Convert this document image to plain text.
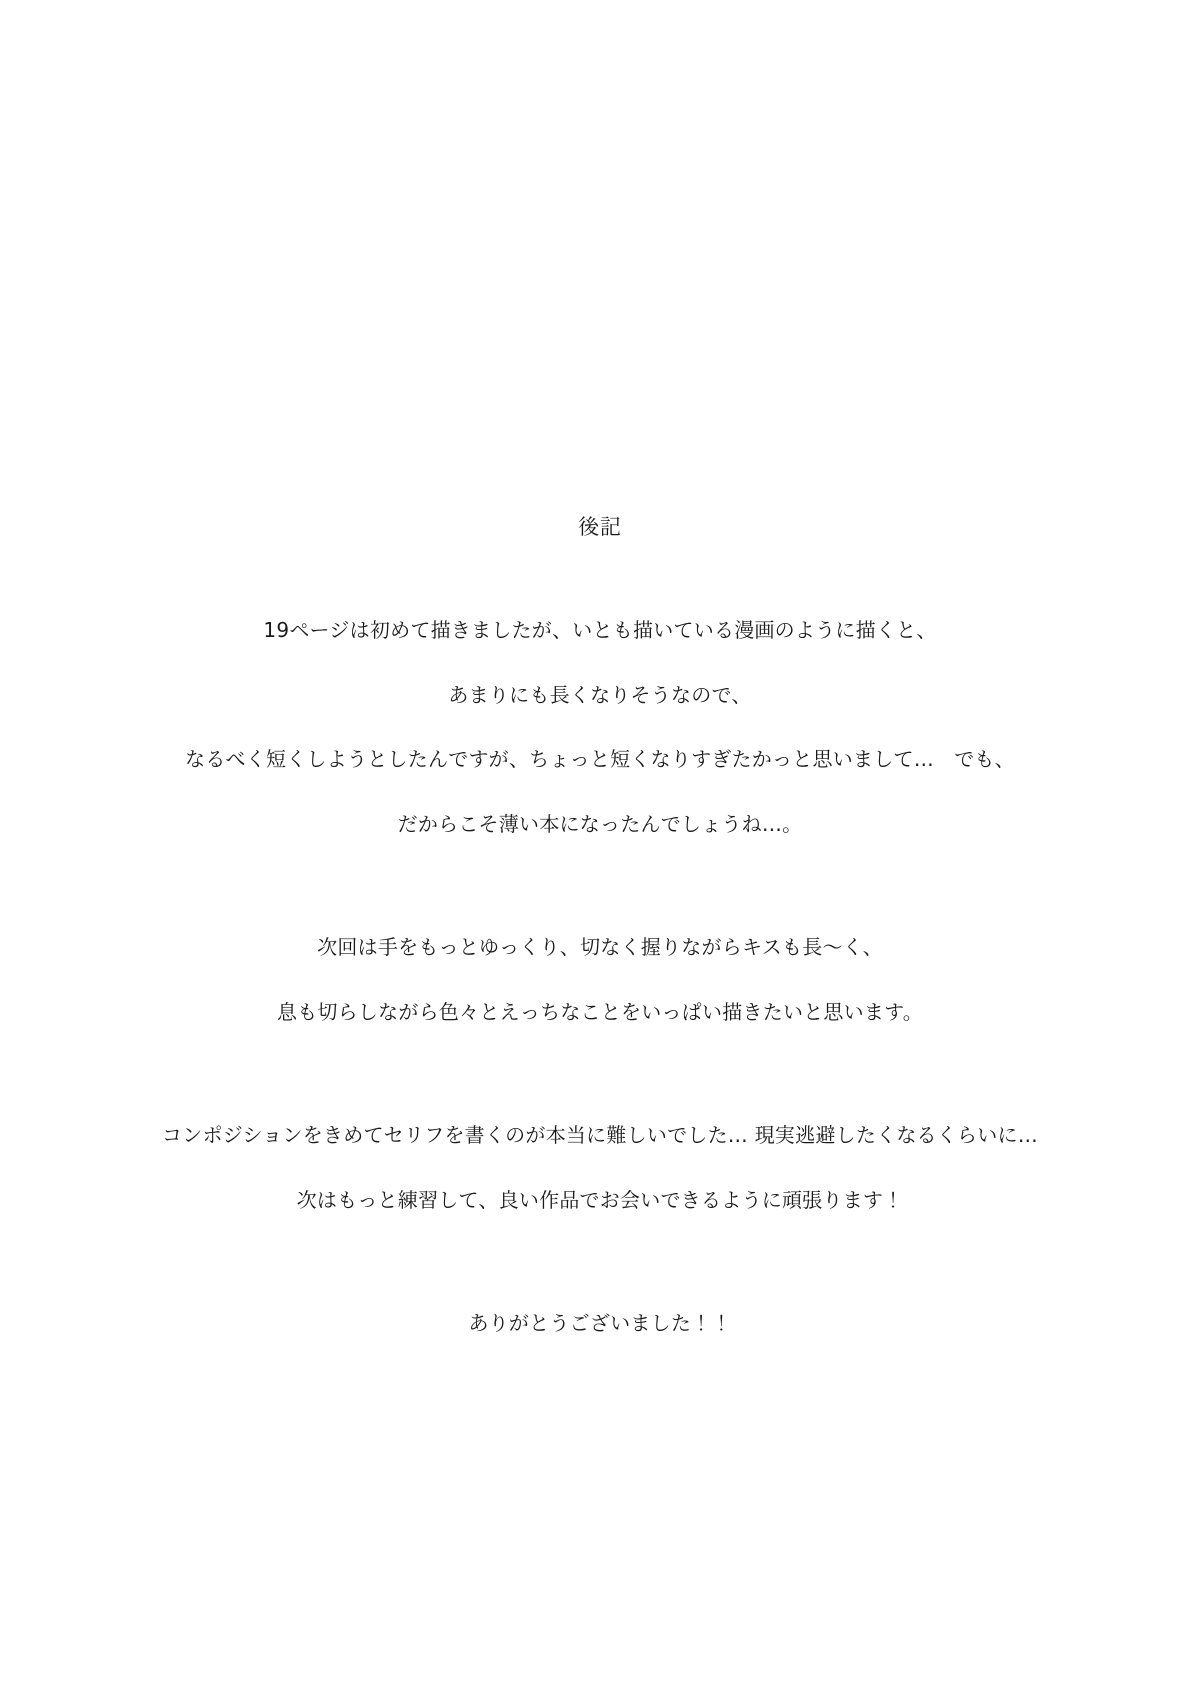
後記

19ページは初めて描きましたが、いとも描いている漫画のように描くと、

あまりにも長くなりそうなので、

なるべく短くしようとしたんですが、ちょっと短くなりすぎたかっと思いまして…　でも、

だからこそ薄い本になったんでしょうね…。

次回は手をもっとゆっくり、切なく握りながらキスも長〜く、

息も切らしながら色々とえっちなことをいっぱい描きたいと思います。

コンポジションをきめてセリフを書くのが本当に難しいでした… 現実逃避したくなるくらいに…

次はもっと練習して、良い作品でお会いできるように頑張ります！

ありがとうございました！！
